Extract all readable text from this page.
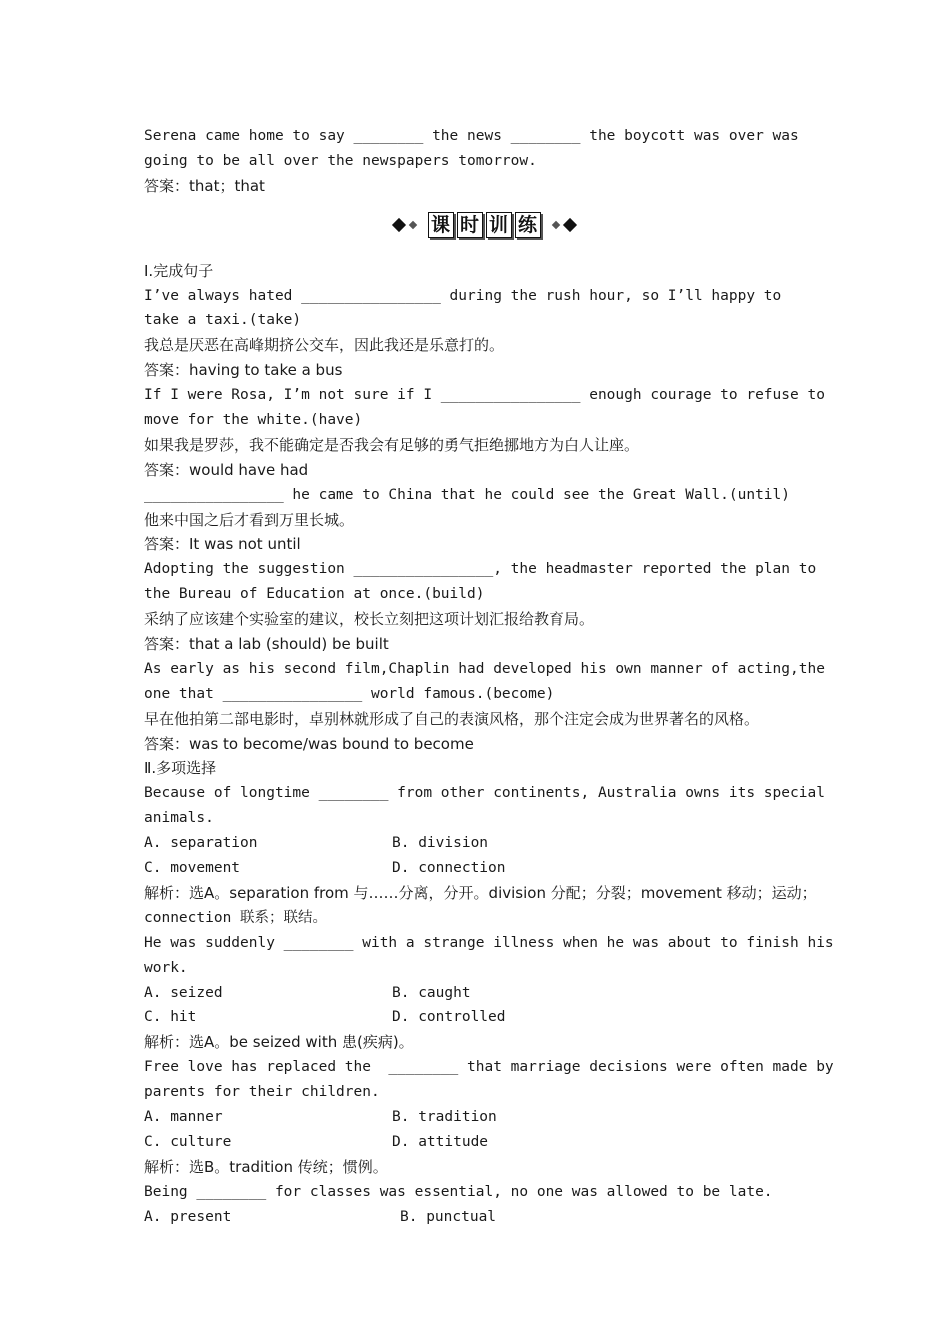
Serena came home to say ________ the news ________ the boycott was over was
going to be all over the newspapers tomorrow.
答案：that；that
课 时 训 练
Ⅰ.完成句子
I’ve always hated ________________ during the rush hour, so I’ll happy to
take a taxi.(take)
我总是厌恶在高峰期挤公交车，因此我还是乐意打的。
答案：having to take a bus
If I were Rosa, I’m not sure if I ________________ enough courage to refuse to
move for the white.(have)
如果我是罗莎，我不能确定是否我会有足够的勇气拒绝挪地方为白人让座。
答案：would have had
________________ he came to China that he could see the Great Wall.(until)
他来中国之后才看到万里长城。
答案：It was not until
Adopting the suggestion ________________, the headmaster reported the plan to
the Bureau of Education at once.(build)
采纳了应该建个实验室的建议，校长立刻把这项计划汇报给教育局。
答案：that a lab (should) be built
As early as his second film,Chaplin had developed his own manner of acting,the
one that ________________ world famous.(become)
早在他拍第二部电影时，卓别林就形成了自己的表演风格，那个注定会成为世界著名的风格。
答案：was to become/was bound to become
Ⅱ.多项选择
Because of longtime ________ from other continents, Australia owns its special
animals.
A. separation	B. division
C. movement	D. connection
解析：选A。separation from 与……分离，分开。division 分配；分裂；movement 移动；运动；
connection 联系；联结。
He was suddenly ________ with a strange illness when he was about to finish his
work.
A. seized	B. caught
C. hit	D. controlled
解析：选A。be seized with 患(疾病)。
Free love has replaced the  ________ that marriage decisions were often made by
parents for their children.
A. manner	B. tradition
C. culture	D. attitude
解析：选B。tradition 传统；惯例。
Being ________ for classes was essential, no one was allowed to be late.
A. present	B. punctual
